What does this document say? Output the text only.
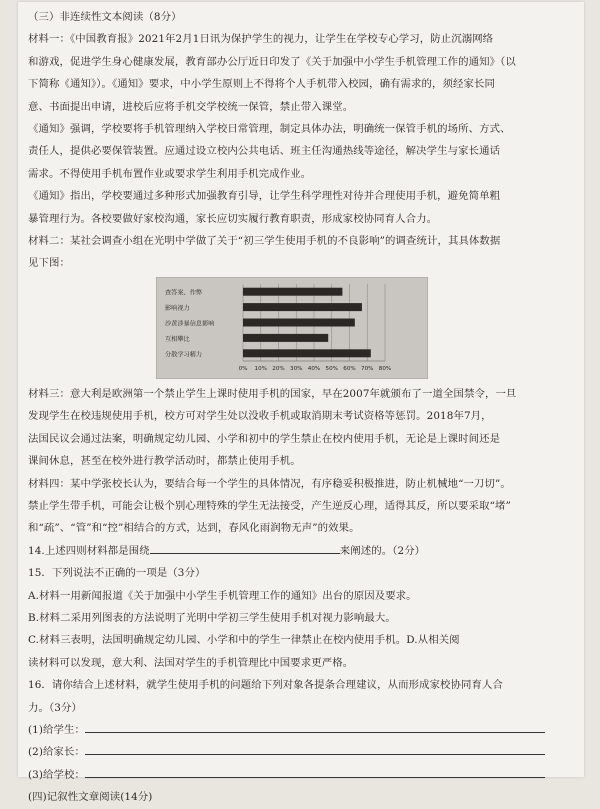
（三）非连续性文本阅读（8分）
材料一：《中国教育报》2021年2月1日讯为保护学生的视力，让学生在学校专心学习，防止沉溺网络
和游戏，促进学生身心健康发展，教育部办公厅近日印发了《关于加强中小学生手机管理工作的通知》（以
下简称《通知》）。《通知》要求，中小学生原则上不得将个人手机带入校园，确有需求的，须经家长同
意、书面提出申请，进校后应将手机交学校统一保管，禁止带入课堂。
《通知》强调，学校要将手机管理纳入学校日常管理，制定具体办法，明确统一保管手机的场所、方式、
责任人，提供必要保管装置。应通过设立校内公共电话、班主任沟通热线等途径，解决学生与家长通话
需求。不得使用手机布置作业或要求学生利用手机完成作业。
《通知》指出，学校要通过多种形式加强教育引导，让学生科学理性对待并合理使用手机，避免简单粗
暴管理行为。各校要做好家校沟通，家长应切实履行教育职责，形成家校协同育人合力。
材料二：某社会调查小组在光明中学做了关于“初三学生使用手机的不良影响”的调查统计，其具体数据
见下图：
查答案、作弊
影响视力
沙黄涉暴信息影响
互相攀比
分散学习精力
0% 10% 20% 30% 40% 50% 60% 70% 80%
材料三：意大利是欧洲第一个禁止学生上课时使用手机的国家，早在2007年就颁布了一道全国禁令，一旦
发现学生在校违规使用手机，校方可对学生处以没收手机或取消期末考试资格等惩罚。2018年7月，
法国民议会通过法案，明确规定幼儿园、小学和初中的学生禁止在校内使用手机，无论是上课时间还是
课间休息，甚至在校外进行教学活动时，都禁止使用手机。
材料四：某中学张校长认为，要结合每一个学生的具体情况，有序稳妥积极推进，防止机械地“一刀切”。
禁止学生带手机，可能会让极个别心理特殊的学生无法接受，产生逆反心理，适得其反，所以要采取“堵”
和“疏”、“管”和“控”相结合的方式，达到，春风化雨润物无声”的效果。
14.上述四则材料都是围绕	来阐述的。（2分）
15．下列说法不正确的一项是（3分）
A.材料一用新闻报道《关于加强中小学生手机管理工作的通知》出台的原因及要求。
B.材料二采用列图表的方法说明了光明中学初三学生使用手机对视力影响最大。
C.材料三表明，法国明确规定幼儿园、小学和中的学生一律禁止在校内使用手机。D.从相关阅
读材料可以发现，意大利、法国对学生的手机管理比中国要求更严格。
16．请你结合上述材料，就学生使用手机的问题给下列对象各提条合理建议，从而形成家校协同育人合
力。（3分）
(1)给学生：
(2)给家长：
(3)给学校：
(四)记叙性文章阅读(14分)
